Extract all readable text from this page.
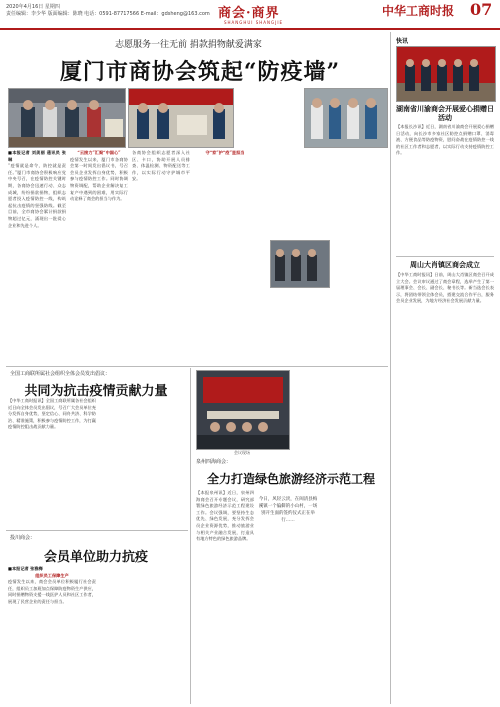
2020年4月16日 星期四
责任编辑：李少华 版面编辑：陈晓 电话：0591-87717566 E-mail：gdsheng@163.com 商会·商界
SHANGHUI SHANGJIE
中华工商时报 07
志愿服务一往无前 捐款捐物献爱满家
厦门市商协会筑起“防疫墙”
■本报记者 刘美丽 通讯员 张琳
“疫情就是命令，防控就是责任。”厦门市商协会积极响应党中央号召，在疫情防控关键时期，各商协会迅速行动、众志成城，纷纷捐款捐物，组织志愿者投入疫情防控一线，构筑起抗击疫情的坚强防线。截至目前，全市商协会累计捐款捐物超过亿元，涌现出一批爱心企业和先进个人。
“云接力”汇聚“中国心”
疫情发生以来，厦门市各商协会第一时间发出倡议书，号召会员企业发挥自身优势，积极参与疫情防控工作。同时协调物资调配，帮助企业解决复工复产中遇到的困难，用实际行动诠释了商会的担当与作为。
各商协会组织志愿者深入社区、卡口，协助开展人员排查、体温检测、物资配送等工作，以实际行动守护城市平安。
守“家”护“疫”显担当
全国工商联所属社会组织全体会员发出倡议：
共同为抗击疫情贡献力量
【中华工商时报讯】全国工商联所属各社会组织近日向全体会员发出倡议，号召广大会员单位充分发挥自身优势，坚定信心、同舟共济、科学防治、精准施策，积极参与疫情防控工作，为打赢疫情防控阻击战贡献力量。
投川商会：
会员单位助力抗疫
■本报记者 张雅梅
组织员工保障生产
疫情发生以来，商会会员单位积极履行社会责任，组织员工加班加点保障防疫物资生产供应，同时捐赠物资支援一线医护人员和社区工作者，展现了民营企业的责任与担当。
会议现场
泉州四海商会：
全力打造绿色旅游经济示范工程
【本报泉州讯】近日，泉州四海商会召开专题会议，研究部署绿色旅游经济示范工程建设工作。会议强调，要坚持生态优先、绿色发展，充分发挥会员企业资源优势，推动旅游业与相关产业融合发展，打造具有地方特色的绿色旅游品牌。
今日，风轻云淡，在闽清县梅溪镇一个偏僻的小山村，一场别开生面的签约仪式正在举行……
快讯
湖南省川渝商会开展爱心捐赠日活动
【本报长沙讯】近日，湖南省川渝商会开展爱心捐赠日活动，向长沙市多家社区防控点捐赠口罩、消毒液、方便食品等防疫物资，慰问奋战在疫情防控一线的社区工作者和志愿者，以实际行动支持疫情防控工作。
周山大肖镇区商会成立
【中华工商时报讯】日前，周山大肖镇区商会召开成立大会。会议审议通过了商会章程，选举产生了第一届理事会、会长、副会长、秘书长等。新当选会长表示，将团结带领全体会员，搭建交流合作平台，服务会员企业发展，为地方经济社会发展贡献力量。
